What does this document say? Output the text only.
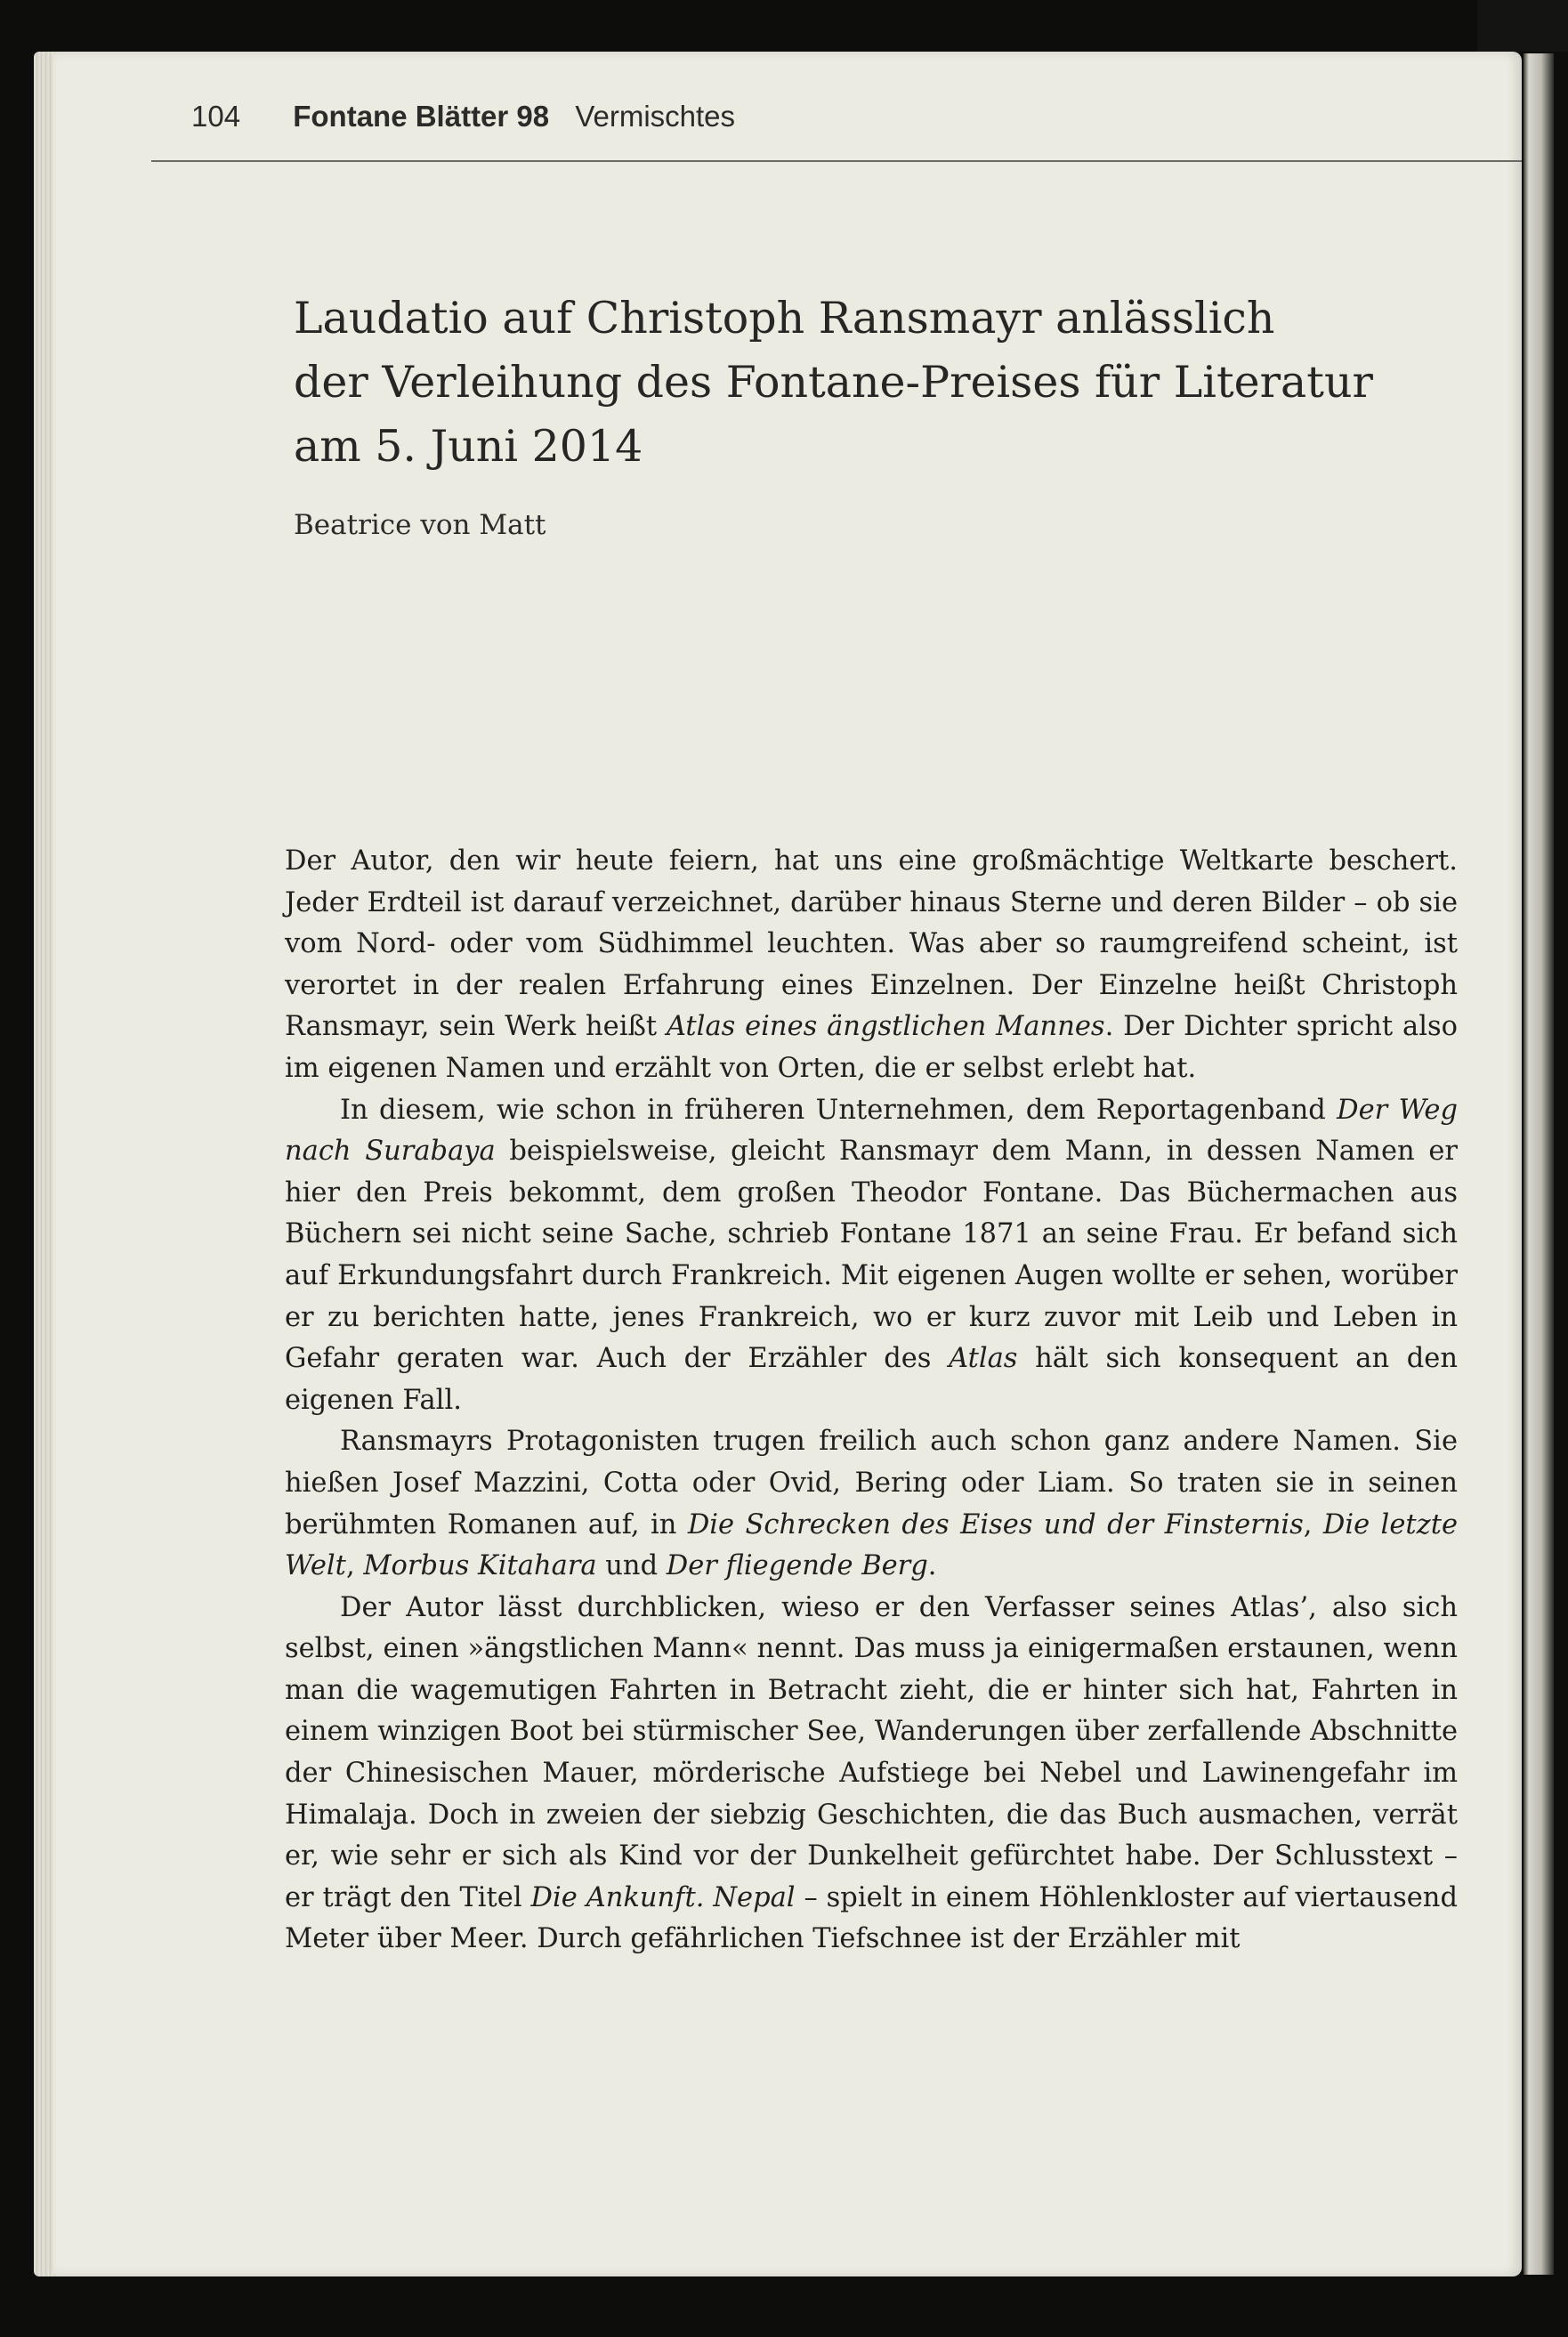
104 Fontane Blätter 98 Vermischtes
Laudatio auf Christoph Ransmayr anlässlich
der Verleihung des Fontane-Preises für Literatur
am 5. Juni 2014
Beatrice von Matt

Der Autor, den wir heute feiern, hat uns eine großmächtige Weltkarte beschert. Jeder Erdteil ist darauf verzeichnet, darüber hinaus Sterne und deren Bilder – ob sie vom Nord- oder vom Südhimmel leuchten. Was aber so raumgreifend scheint, ist verortet in der realen Erfahrung eines Einzelnen. Der Einzelne heißt Christoph Ransmayr, sein Werk heißt Atlas eines ängstlichen Mannes. Der Dichter spricht also im eigenen Namen und erzählt von Orten, die er selbst erlebt hat.

In diesem, wie schon in früheren Unternehmen, dem Reportagenband Der Weg nach Surabaya beispielsweise, gleicht Ransmayr dem Mann, in dessen Namen er hier den Preis bekommt, dem großen Theodor Fontane. Das Büchermachen aus Büchern sei nicht seine Sache, schrieb Fontane 1871 an seine Frau. Er befand sich auf Erkundungsfahrt durch Frankreich. Mit eigenen Augen wollte er sehen, worüber er zu berichten hatte, jenes Frankreich, wo er kurz zuvor mit Leib und Leben in Gefahr geraten war. Auch der Erzähler des Atlas hält sich konsequent an den eigenen Fall.

Ransmayrs Protagonisten trugen freilich auch schon ganz andere Namen. Sie hießen Josef Mazzini, Cotta oder Ovid, Bering oder Liam. So traten sie in seinen berühmten Romanen auf, in Die Schrecken des Eises und der Finsternis, Die letzte Welt, Morbus Kitahara und Der fliegende Berg.

Der Autor lässt durchblicken, wieso er den Verfasser seines Atlas’, also sich selbst, einen »ängstlichen Mann« nennt. Das muss ja einigermaßen erstaunen, wenn man die wagemutigen Fahrten in Betracht zieht, die er hinter sich hat, Fahrten in einem winzigen Boot bei stürmischer See, Wanderungen über zerfallende Abschnitte der Chinesischen Mauer, mörderische Aufstiege bei Nebel und Lawinengefahr im Himalaja. Doch in zweien der siebzig Geschichten, die das Buch ausmachen, verrät er, wie sehr er sich als Kind vor der Dunkelheit gefürchtet habe. Der Schlusstext – er trägt den Titel Die Ankunft. Nepal – spielt in einem Höhlenkloster auf viertausend Meter über Meer. Durch gefährlichen Tiefschnee ist der Erzähler mit
